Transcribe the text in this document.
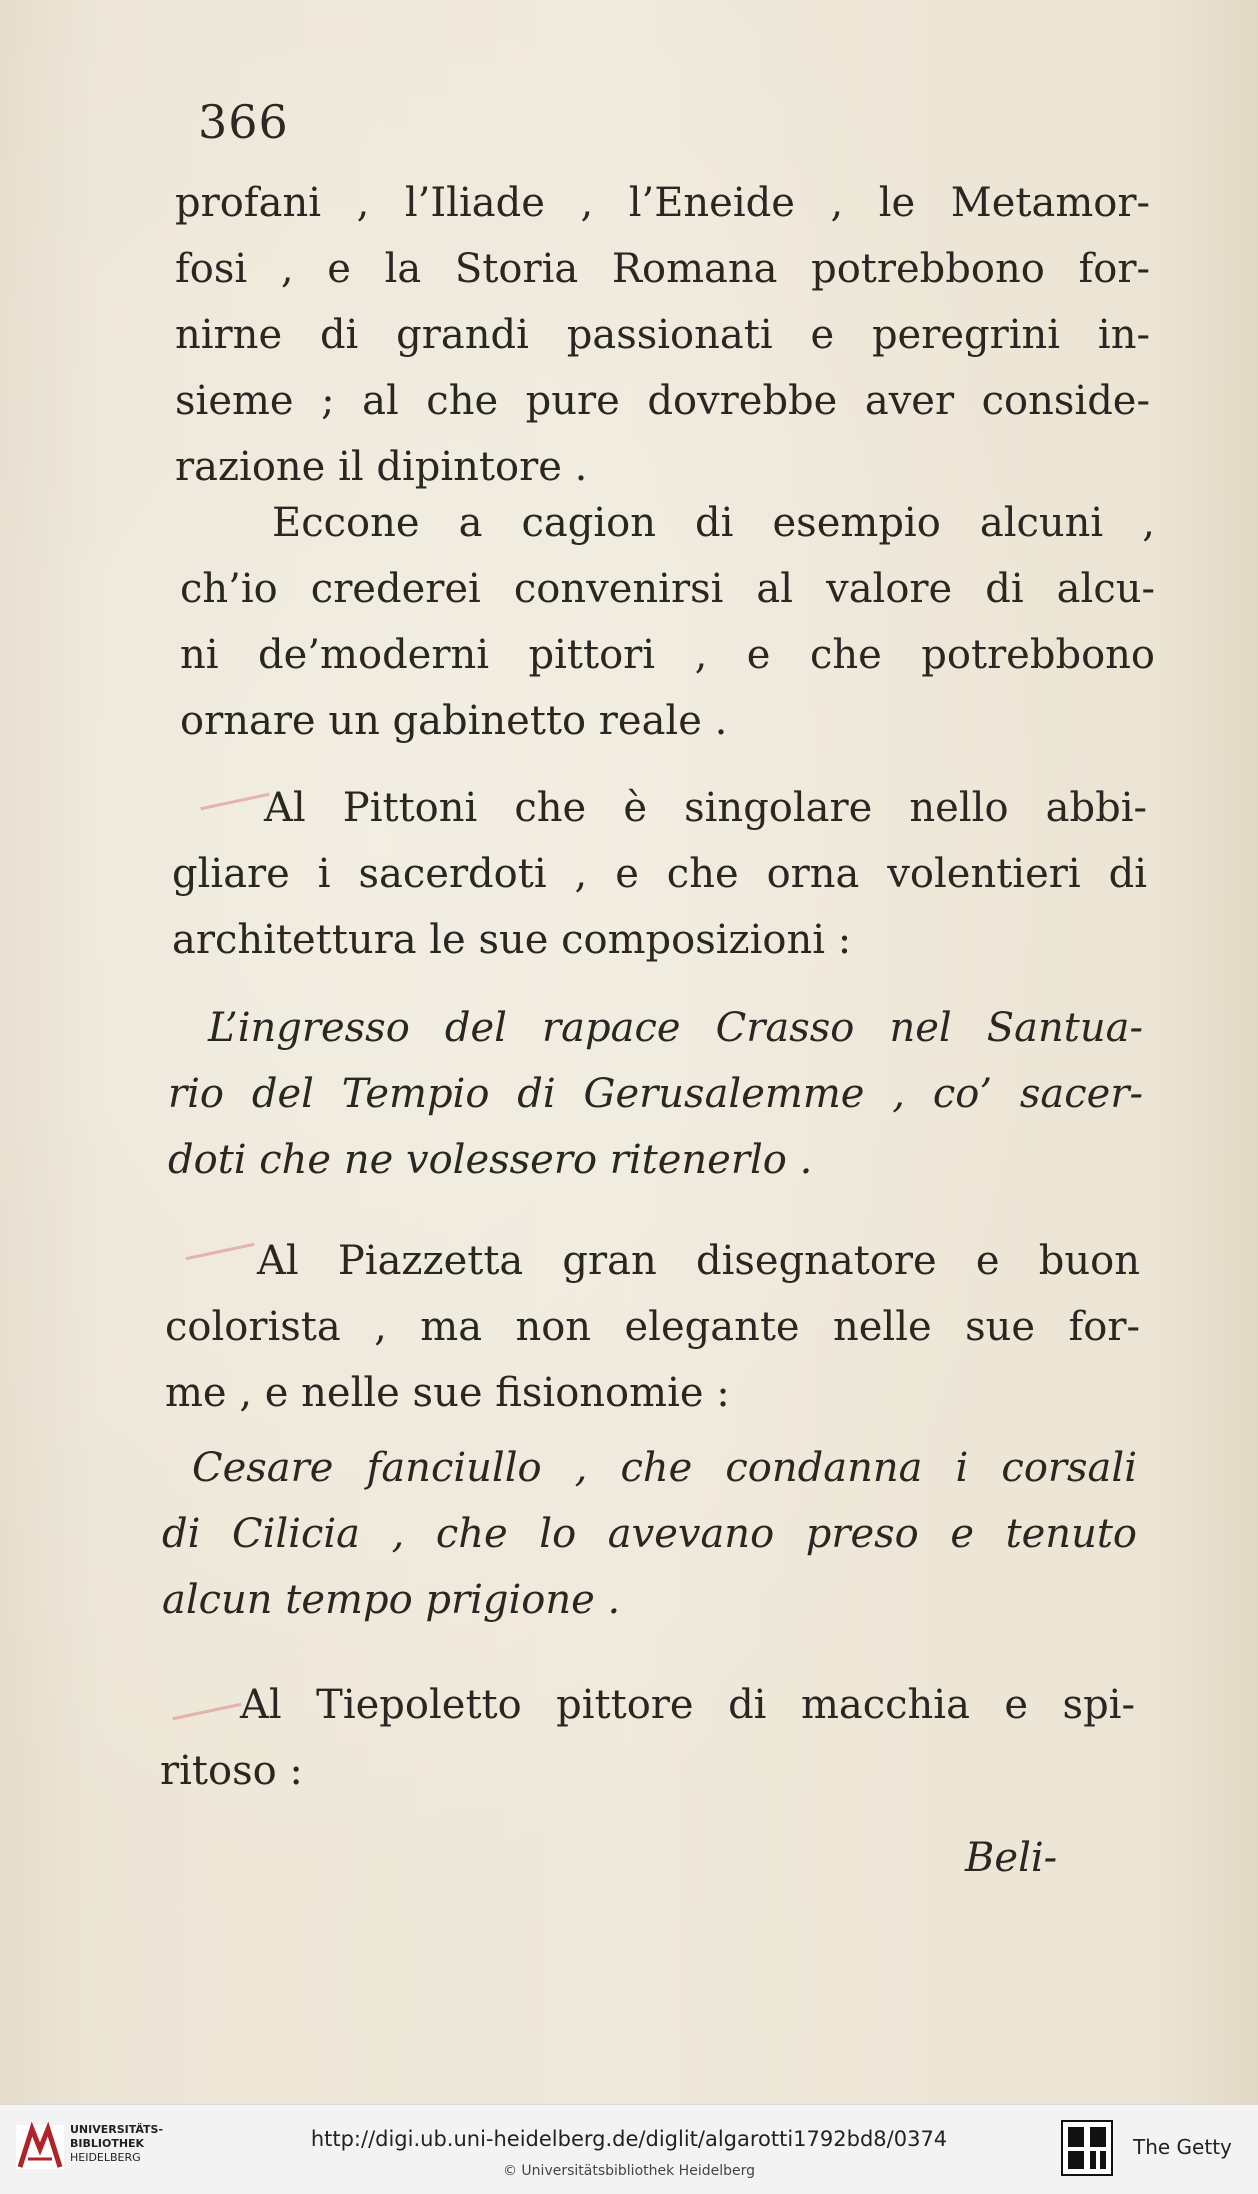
366
profani , l’Iliade , l’Eneide , le Metamor-
fosi , e la Storia Romana potrebbono for-
nirne di grandi passionati e peregrini in-
sieme ; al che pure dovrebbe aver conside-
razione il dipintore .
Eccone a cagion di esempio alcuni ,
ch’io crederei convenirsi al valore di alcu-
ni de’moderni pittori , e che potrebbono
ornare un gabinetto reale .
Al Pittoni che è singolare nello abbi-
gliare i sacerdoti , e che orna volentieri di
architettura le sue composizioni :
L’ingresso del rapace Crasso nel Santua-
rio del Tempio di Gerusalemme , co’ sacer-
doti che ne volessero ritenerlo .
Al Piazzetta gran disegnatore e buon
colorista , ma non elegante nelle sue for-
me , e nelle sue fisionomie :
Cesare fanciullo , che condanna i corsali
di Cilicia , che lo avevano preso e tenuto
alcun tempo prigione .
Al Tiepoletto pittore di macchia e spi-
ritoso :
Beli-
UNIVERSITÄTS-
BIBLIOTHEK

HEIDELBERG
http://digi.ub.uni-heidelberg.de/diglit/algarotti1792bd8/0374
© Universitätsbibliothek Heidelberg
The Getty
